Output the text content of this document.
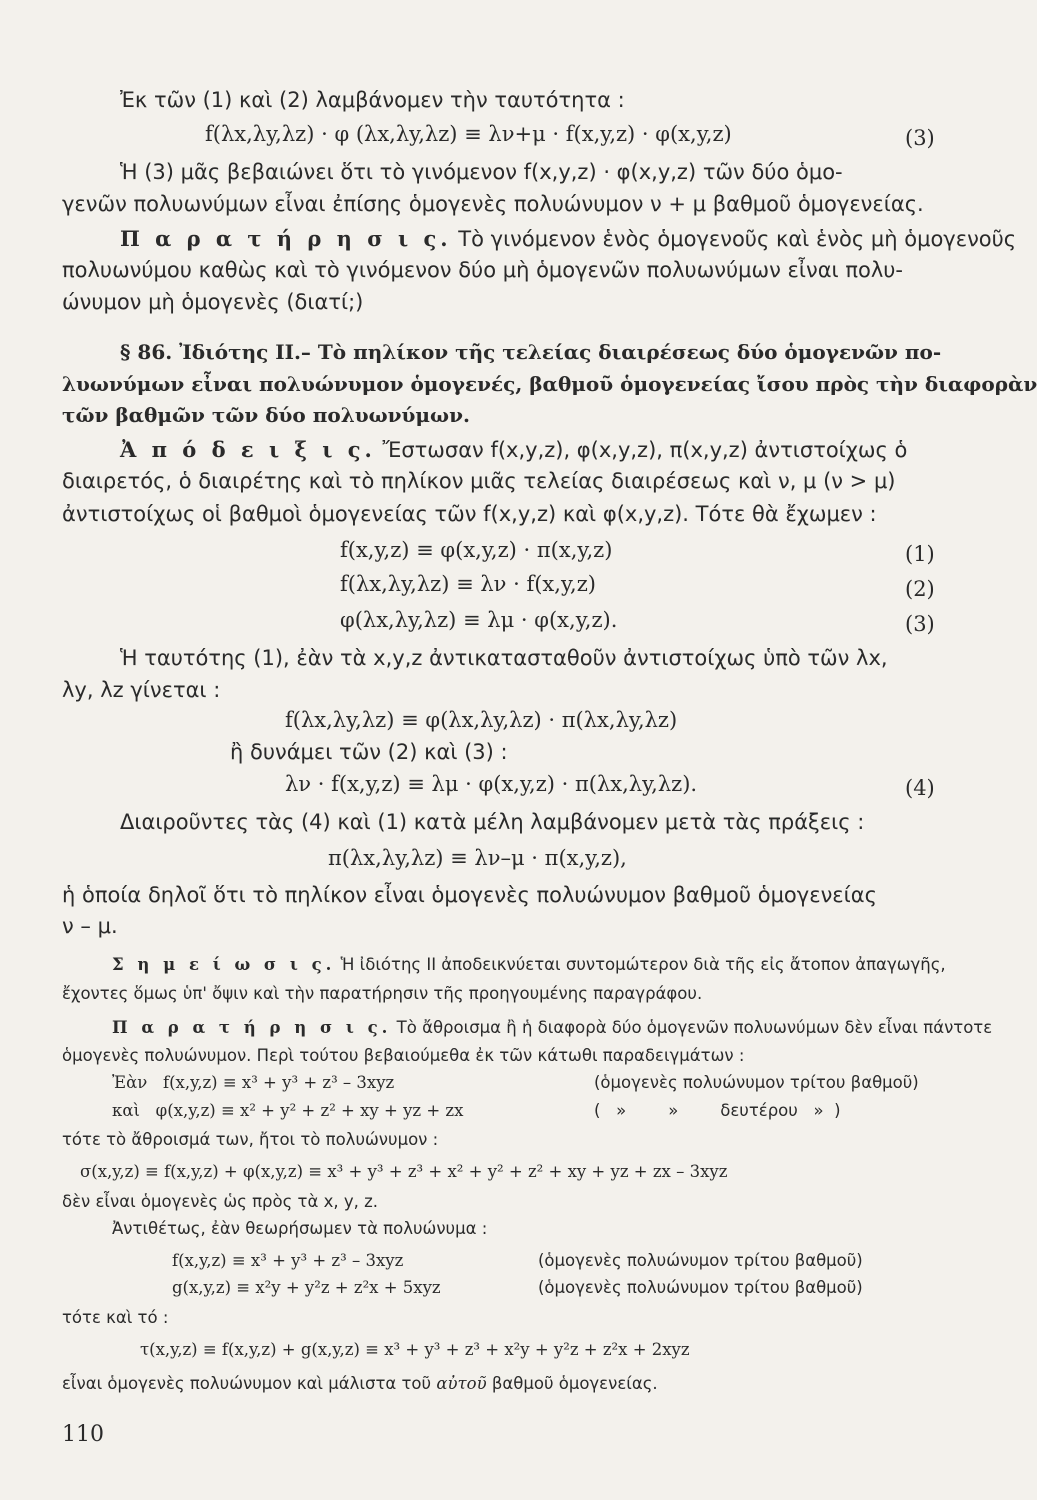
Ἐκ τῶν (1) καὶ (2) λαμβάνομεν τὴν ταυτότητα :
f(λx,λy,λz) · φ (λx,λy,λz) ≡ λν+μ · f(x,y,z) · φ(x,y,z)	(3)
Ἡ (3) μᾶς βεβαιώνει ὅτι τὸ γινόμενον f(x,y,z) · φ(x,y,z) τῶν δύο ὁμο-
γενῶν πολυωνύμων εἶναι ἐπίσης ὁμογενὲς πολυώνυμον ν + μ βαθμοῦ ὁμογενείας.
Π α ρ α τ ή ρ η σ ι ς. Τὸ γινόμενον ἑνὸς ὁμογενοῦς καὶ ἑνὸς μὴ ὁμογενοῦς
πολυωνύμου καθὼς καὶ τὸ γινόμενον δύο μὴ ὁμογενῶν πολυωνύμων εἶναι πολυ-
ώνυμον μὴ ὁμογενὲς (διατί;)
§ 86. Ἰδιότης ΙΙ.– Τὸ πηλίκον τῆς τελείας διαιρέσεως δύο ὁμογενῶν πο-
λυωνύμων εἶναι πολυώνυμον ὁμογενές, βαθμοῦ ὁμογενείας ἴσου πρὸς τὴν διαφορὰν
τῶν βαθμῶν τῶν δύο πολυωνύμων.
Ἀ π ό δ ε ι ξ ι ς. Ἔστωσαν f(x,y,z), φ(x,y,z), π(x,y,z) ἀντιστοίχως ὁ
διαιρετός, ὁ διαιρέτης καὶ τὸ πηλίκον μιᾶς τελείας διαιρέσεως καὶ ν, μ (ν > μ)
ἀντιστοίχως οἱ βαθμοὶ ὁμογενείας τῶν f(x,y,z) καὶ φ(x,y,z). Τότε θὰ ἔχωμεν :
f(x,y,z) ≡ φ(x,y,z) · π(x,y,z)	(1)
f(λx,λy,λz) ≡ λν · f(x,y,z)	(2)
φ(λx,λy,λz) ≡ λμ · φ(x,y,z).	(3)
Ἡ ταυτότης (1), ἐὰν τὰ x,y,z ἀντικατασταθοῦν ἀντιστοίχως ὑπὸ τῶν λx,
λy, λz γίνεται :
f(λx,λy,λz) ≡ φ(λx,λy,λz) · π(λx,λy,λz)
ἢ δυνάμει τῶν (2) καὶ (3) :
λν · f(x,y,z) ≡ λμ · φ(x,y,z) · π(λx,λy,λz).	(4)
Διαιροῦντες τὰς (4) καὶ (1) κατὰ μέλη λαμβάνομεν μετὰ τὰς πράξεις :
π(λx,λy,λz) ≡ λν–μ · π(x,y,z),
ἡ ὁποία δηλοῖ ὅτι τὸ πηλίκον εἶναι ὁμογενὲς πολυώνυμον βαθμοῦ ὁμογενείας
ν – μ.
Σ η μ ε ί ω σ ι ς. Ἡ ἰδιότης ΙΙ ἀποδεικνύεται συντομώτερον διὰ τῆς εἰς ἄτοπον ἀπαγωγῆς,
ἔχοντες ὅμως ὑπ' ὄψιν καὶ τὴν παρατήρησιν τῆς προηγουμένης παραγράφου.
Π α ρ α τ ή ρ η σ ι ς. Τὸ ἄθροισμα ἢ ἡ διαφορὰ δύο ὁμογενῶν πολυωνύμων δὲν εἶναι πάντοτε
ὁμογενὲς πολυώνυμον. Περὶ τούτου βεβαιούμεθα ἐκ τῶν κάτωθι παραδειγμάτων :
Ἐὰν   f(x,y,z) ≡ x³ + y³ + z³ – 3xyz	(ὁμογενὲς πολυώνυμον τρίτου βαθμοῦ)
καὶ   φ(x,y,z) ≡ x² + y² + z² + xy + yz + zx	(   »        »        δευτέρου   »  )
τότε τὸ ἄθροισμά των, ἤτοι τὸ πολυώνυμον :
σ(x,y,z) ≡ f(x,y,z) + φ(x,y,z) ≡ x³ + y³ + z³ + x² + y² + z² + xy + yz + zx – 3xyz
δὲν εἶναι ὁμογενὲς ὡς πρὸς τὰ x, y, z.
Ἀντιθέτως, ἐὰν θεωρήσωμεν τὰ πολυώνυμα :
f(x,y,z) ≡ x³ + y³ + z³ – 3xyz	(ὁμογενὲς πολυώνυμον τρίτου βαθμοῦ)
g(x,y,z) ≡ x²y + y²z + z²x + 5xyz	(ὁμογενὲς πολυώνυμον τρίτου βαθμοῦ)
τότε καὶ τό :
τ(x,y,z) ≡ f(x,y,z) + g(x,y,z) ≡ x³ + y³ + z³ + x²y + y²z + z²x + 2xyz
εἶναι ὁμογενὲς πολυώνυμον καὶ μάλιστα τοῦ αὐτοῦ βαθμοῦ ὁμογενείας.
110
